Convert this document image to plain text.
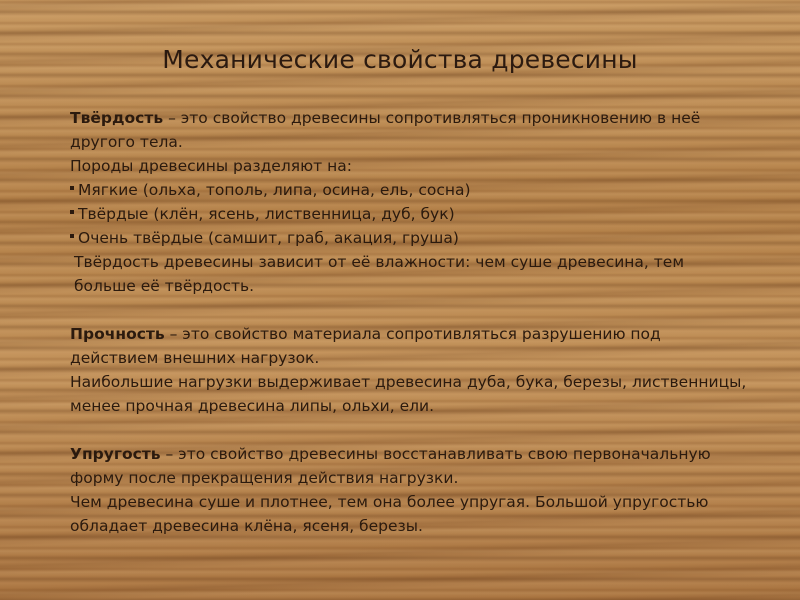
Механические свойства древесины

Твёрдость – это свойство древесины сопротивляться проникновению в неё другого тела.

Породы древесины разделяют на:

Мягкие (ольха, тополь, липа, осина, ель, сосна)

Твёрдые (клён, ясень, лиственница, дуб, бук)

Очень твёрдые (самшит, граб, акация, груша)

Твёрдость древесины зависит от её влажности: чем суше древесина, тем больше её твёрдость.

Прочность – это свойство материала сопротивляться разрушению под действием внешних нагрузок.

Наибольшие нагрузки выдерживает древесина дуба, бука, березы, лиственницы, менее прочная древесина липы, ольхи, ели.

Упругость – это свойство древесины восстанавливать свою первоначальную форму после прекращения действия нагрузки.

Чем древесина суше и плотнее, тем она более упругая. Большой упругостью обладает древесина клёна, ясеня, березы.
